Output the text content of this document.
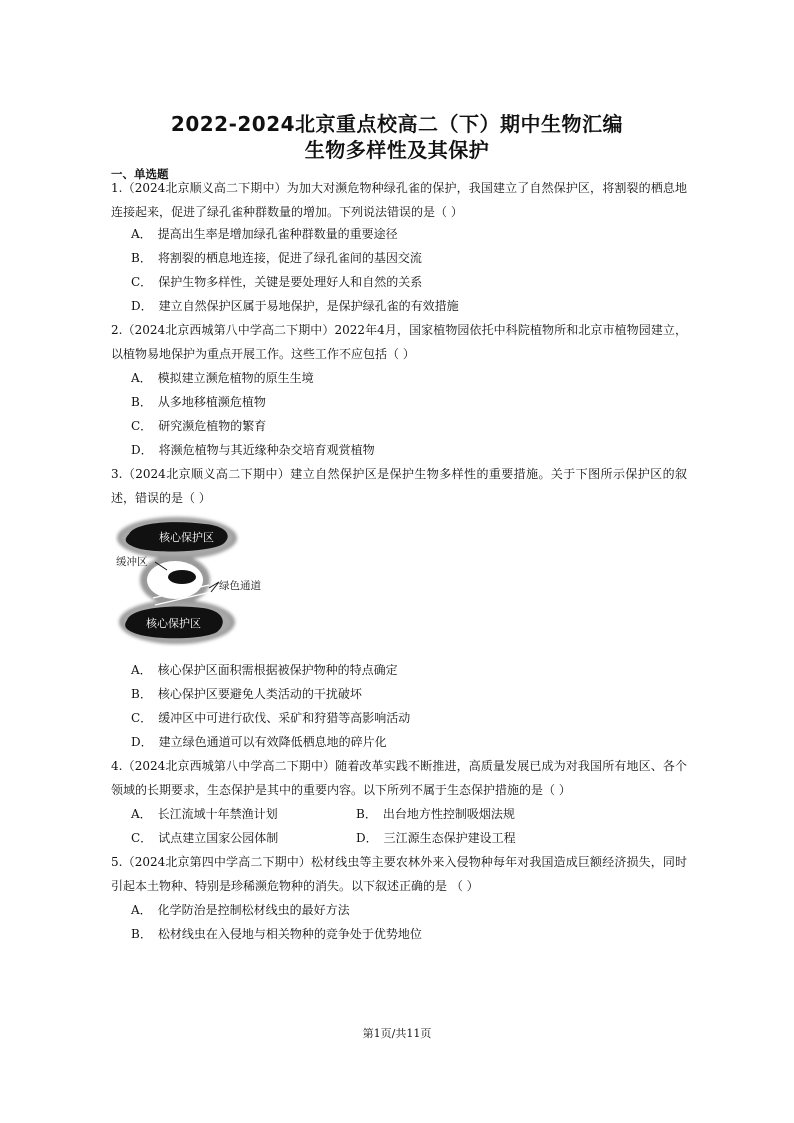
2022-2024北京重点校高二（下）期中生物汇编
生物多样性及其保护
一、单选题
1.（2024北京顺义高二下期中）为加大对濒危物种绿孔雀的保护，我国建立了自然保护区，将割裂的栖息地连接起来，促进了绿孔雀种群数量的增加。下列说法错误的是（ ）
A． 提高出生率是增加绿孔雀种群数量的重要途径
B． 将割裂的栖息地连接，促进了绿孔雀间的基因交流
C． 保护生物多样性，关键是要处理好人和自然的关系
D． 建立自然保护区属于易地保护，是保护绿孔雀的有效措施
2.（2024北京西城第八中学高二下期中）2022年4月，国家植物园依托中科院植物所和北京市植物园建立，以植物易地保护为重点开展工作。这些工作不应包括（ ）
A． 模拟建立濒危植物的原生生境
B． 从多地移植濒危植物
C． 研究濒危植物的繁育
D． 将濒危植物与其近缘种杂交培育观赏植物
3.（2024北京顺义高二下期中）建立自然保护区是保护生物多样性的重要措施。关于下图所示保护区的叙述，错误的是（ ）
核心保护区
缓冲区
绿色通道
核心保护区
A． 核心保护区面积需根据被保护物种的特点确定
B． 核心保护区要避免人类活动的干扰破坏
C． 缓冲区中可进行砍伐、采矿和狩猎等高影响活动
D． 建立绿色通道可以有效降低栖息地的碎片化
4.（2024北京西城第八中学高二下期中）随着改革实践不断推进，高质量发展已成为对我国所有地区、各个领域的长期要求，生态保护是其中的重要内容。以下所列不属于生态保护措施的是（ ）
A． 长江流域十年禁渔计划	B． 出台地方性控制吸烟法规
C． 试点建立国家公园体制	D． 三江源生态保护建设工程
5.（2024北京第四中学高二下期中）松材线虫等主要农林外来入侵物种每年对我国造成巨额经济损失，同时引起本土物种、特别是珍稀濒危物种的消失。以下叙述正确的是 （ ）
A． 化学防治是控制松材线虫的最好方法
B． 松材线虫在入侵地与相关物种的竞争处于优势地位
第1页/共11页
